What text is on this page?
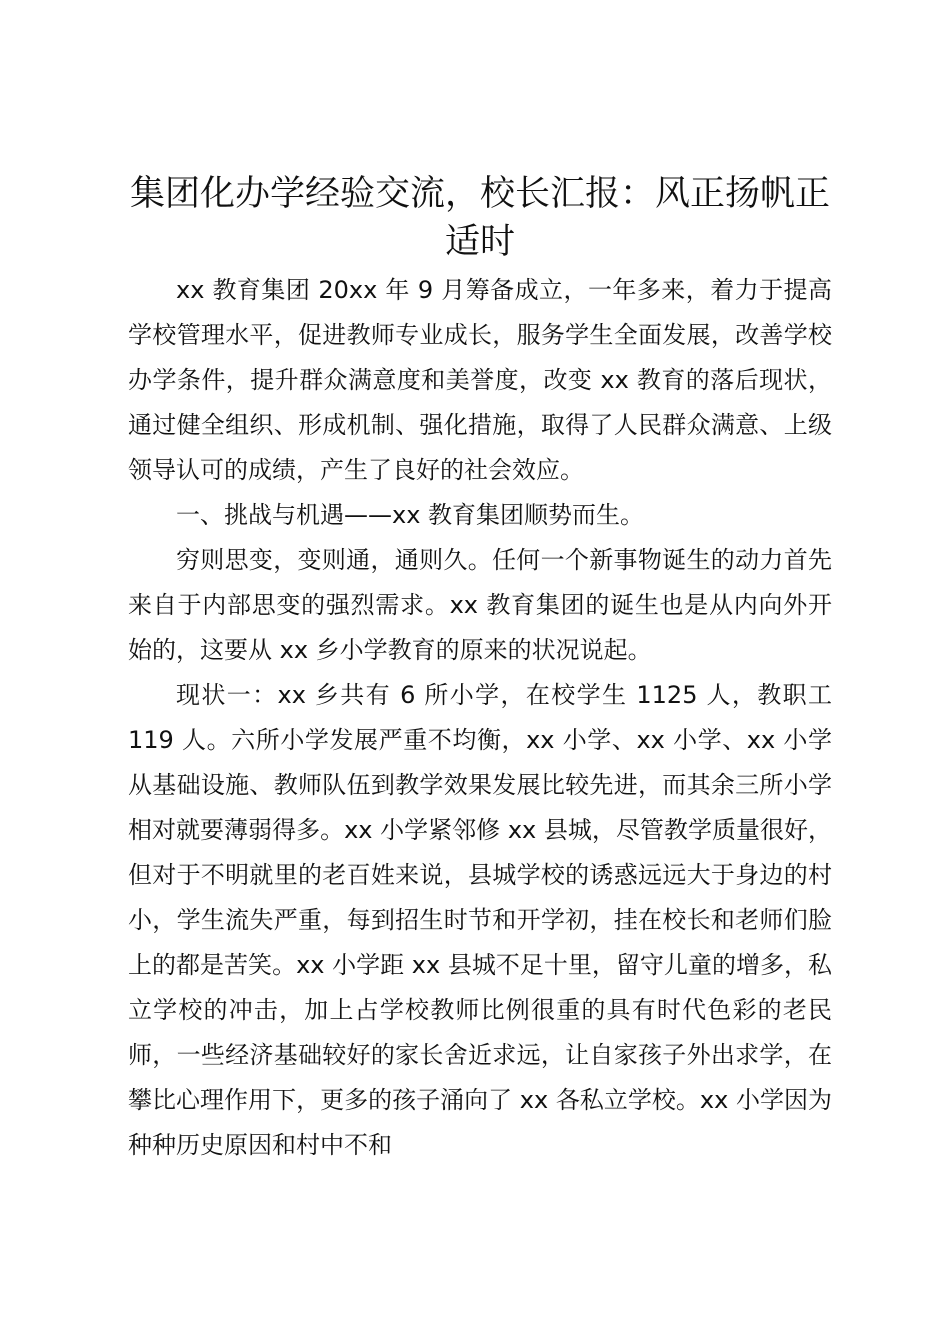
集团化办学经验交流，校长汇报：风正扬帆正适时

xx 教育集团 20xx 年 9 月筹备成立，一年多来，着力于提高学校管理水平，促进教师专业成长，服务学生全面发展，改善学校办学条件，提升群众满意度和美誉度，改变 xx 教育的落后现状，通过健全组织、形成机制、强化措施，取得了人民群众满意、上级领导认可的成绩，产生了良好的社会效应。

一、挑战与机遇——xx 教育集团顺势而生。

穷则思变，变则通，通则久。任何一个新事物诞生的动力首先来自于内部思变的强烈需求。xx 教育集团的诞生也是从内向外开始的，这要从 xx 乡小学教育的原来的状况说起。

现状一：xx 乡共有 6 所小学，在校学生 1125 人，教职工 119 人。六所小学发展严重不均衡，xx 小学、xx 小学、xx 小学从基础设施、教师队伍到教学效果发展比较先进，而其余三所小学相对就要薄弱得多。xx 小学紧邻修 xx 县城，尽管教学质量很好，但对于不明就里的老百姓来说，县城学校的诱惑远远大于身边的村小，学生流失严重，每到招生时节和开学初，挂在校长和老师们脸上的都是苦笑。xx 小学距 xx 县城不足十里，留守儿童的增多，私立学校的冲击，加上占学校教师比例很重的具有时代色彩的老民师，一些经济基础较好的家长舍近求远，让自家孩子外出求学，在攀比心理作用下，更多的孩子涌向了 xx 各私立学校。xx 小学因为种种历史原因和村中不和
